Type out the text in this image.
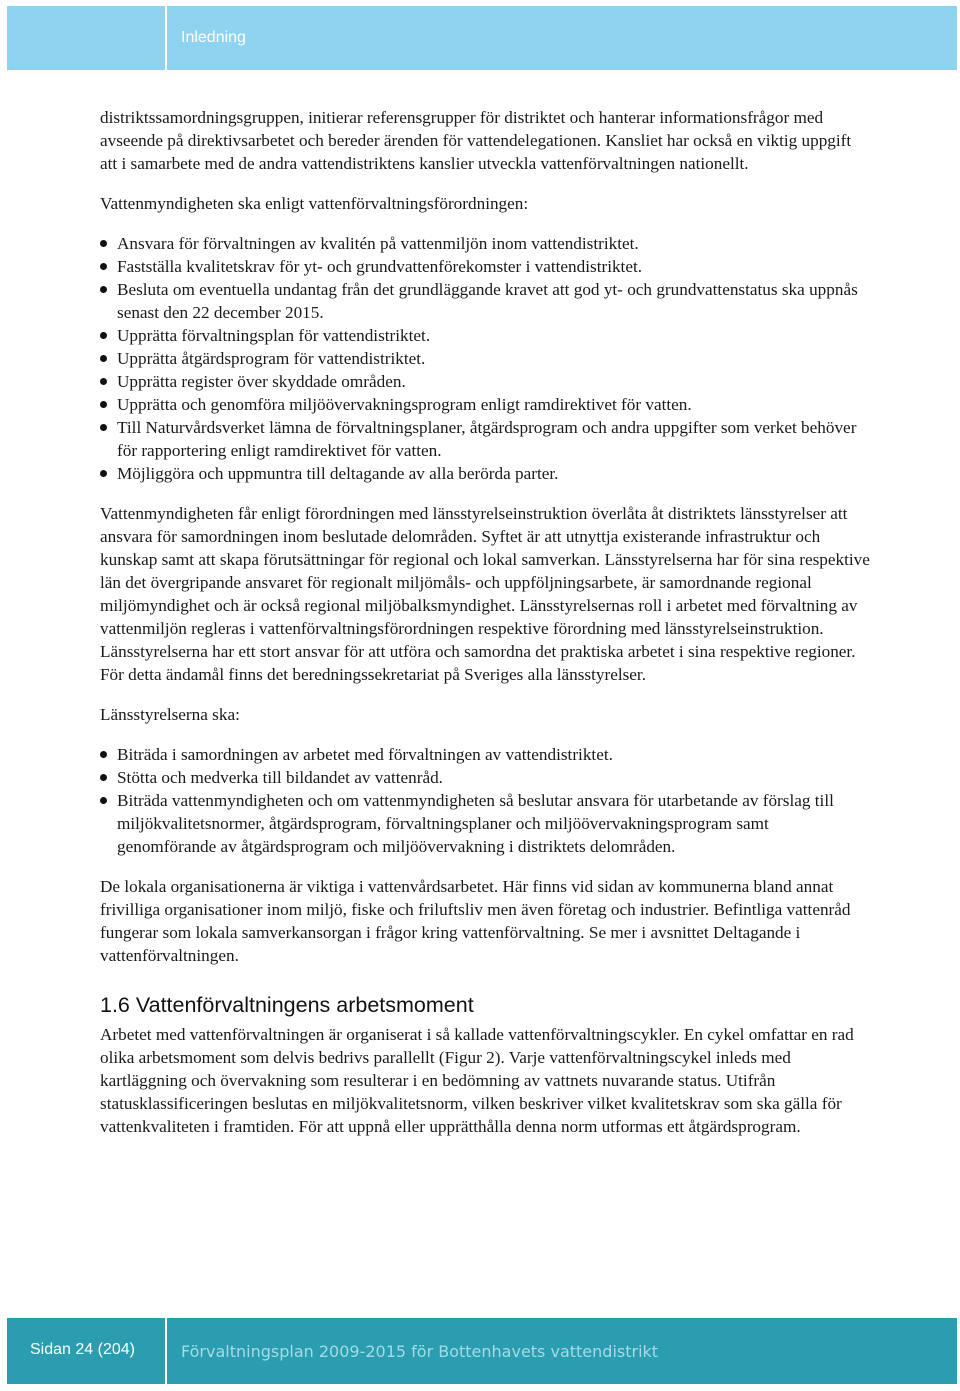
Inledning

distriktssamordningsgruppen, initierar referensgrupper för distriktet och hanterar informationsfrågor med avseende på direktivsarbetet och bereder ärenden för vattendelegationen. Kansliet har också en viktig uppgift att i samarbete med de andra vattendistriktens kanslier utveckla vattenförvaltningen nationellt.

Vattenmyndigheten ska enligt vattenförvaltningsförordningen:

Ansvara för förvaltningen av kvalitén på vattenmiljön inom vattendistriktet.
Fastställa kvalitetskrav för yt- och grundvattenförekomster i vattendistriktet.
Besluta om eventuella undantag från det grundläggande kravet att god yt- och grundvattenstatus ska uppnås senast den 22 december 2015.
Upprätta förvaltningsplan för vattendistriktet.
Upprätta åtgärdsprogram för vattendistriktet.
Upprätta register över skyddade områden.
Upprätta och genomföra miljöövervakningsprogram enligt ramdirektivet för vatten.
Till Naturvårdsverket lämna de förvaltningsplaner, åtgärdsprogram och andra uppgifter som verket behöver för rapportering enligt ramdirektivet för vatten.
Möjliggöra och uppmuntra till deltagande av alla berörda parter.

Vattenmyndigheten får enligt förordningen med länsstyrelseinstruktion överlåta åt distriktets länsstyrelser att ansvara för samordningen inom beslutade delområden. Syftet är att utnyttja existerande infrastruktur och kunskap samt att skapa förutsättningar för regional och lokal samverkan. Länsstyrelserna har för sina respektive län det övergripande ansvaret för regionalt miljömåls- och uppföljningsarbete, är samordnande regional miljömyndighet och är också regional miljöbalksmyndighet. Länsstyrelsernas roll i arbetet med förvaltning av vattenmiljön regleras i vattenförvaltningsförordningen respektive förordning med länsstyrelseinstruktion. Länsstyrelserna har ett stort ansvar för att utföra och samordna det praktiska arbetet i sina respektive regioner. För detta ändamål finns det beredningssekretariat på Sveriges alla länsstyrelser.

Länsstyrelserna ska:

Biträda i samordningen av arbetet med förvaltningen av vattendistriktet.
Stötta och medverka till bildandet av vattenråd.
Biträda vattenmyndigheten och om vattenmyndigheten så beslutar ansvara för utarbetande av förslag till miljökvalitetsnormer, åtgärdsprogram, förvaltningsplaner och miljöövervakningsprogram samt genomförande av åtgärdsprogram och miljöövervakning i distriktets delområden.

De lokala organisationerna är viktiga i vattenvårdsarbetet. Här finns vid sidan av kommunerna bland annat frivilliga organisationer inom miljö, fiske och friluftsliv men även företag och industrier. Befintliga vattenråd fungerar som lokala samverkansorgan i frågor kring vattenförvaltning. Se mer i avsnittet Deltagande i vattenförvaltningen.

1.6 Vattenförvaltningens arbetsmoment

Arbetet med vattenförvaltningen är organiserat i så kallade vattenförvaltningscykler. En cykel omfattar en rad olika arbetsmoment som delvis bedrivs parallellt (Figur 2). Varje vattenförvaltningscykel inleds med kartläggning och övervakning som resulterar i en bedömning av vattnets nuvarande status. Utifrån statusklassificeringen beslutas en miljökvalitetsnorm, vilken beskriver vilket kvalitetskrav som ska gälla för vattenkvaliteten i framtiden. För att uppnå eller upprätthålla denna norm utformas ett åtgärdsprogram.

Sidan 24 (204)	Förvaltningsplan 2009-2015 för Bottenhavets vattendistrikt
